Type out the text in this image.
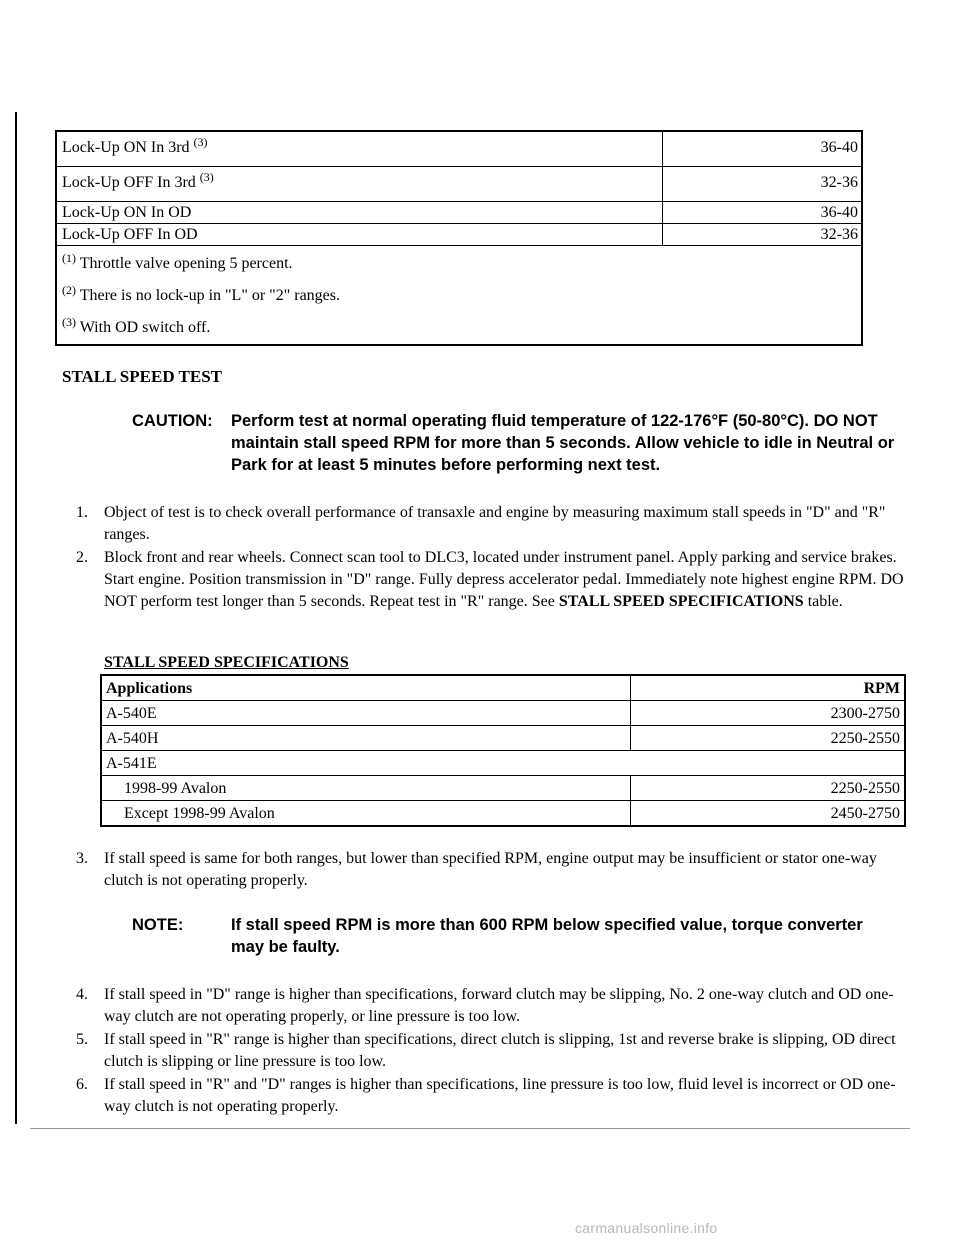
Lock-Up ON In 3rd $^{(3)}$	36-40
Lock-Up OFF In 3rd $^{(3)}$	32-36
Lock-Up ON In OD	36-40
Lock-Up OFF In OD	32-36

$^{(1)}$ Throttle valve opening 5 percent.
$^{(2)}$ There is no lock-up in "L" or "2" ranges.
$^{(3)}$ With OD switch off.	
STALL SPEED TEST
CAUTION: Perform test at normal operating fluid temperature of 122-176°F (50-80°C). DO NOT maintain stall speed RPM for more than 5 seconds. Allow vehicle to idle in Neutral or Park for at least 5 minutes before performing next test.
1. Object of test is to check overall performance of transaxle and engine by measuring maximum stall speeds in "D" and "R" ranges.
2. Block front and rear wheels. Connect scan tool to DLC3, located under instrument panel. Apply parking and service brakes. Start engine. Position transmission in "D" range. Fully depress accelerator pedal. Immediately note highest engine RPM. DO NOT perform test longer than 5 seconds. Repeat test in "R" range. See STALL SPEED SPECIFICATIONS table.
STALL SPEED SPECIFICATIONS
Applications	RPM
A-540E	2300-2750
A-540H	2250-2550
A-541E	
1998-99 Avalon	2250-2550
Except 1998-99 Avalon	2450-2750
3. If stall speed is same for both ranges, but lower than specified RPM, engine output may be insufficient or stator one-way clutch is not operating properly.
NOTE:	If stall speed RPM is more than 600 RPM below specified value, torque converter may be faulty.
4. If stall speed in "D" range is higher than specifications, forward clutch may be slipping, No. 2 one-way clutch and OD one-way clutch are not operating properly, or line pressure is too low.
5. If stall speed in "R" range is higher than specifications, direct clutch is slipping, 1st and reverse brake is slipping, OD direct clutch is slipping or line pressure is too low.
6. If stall speed in "R" and "D" ranges is higher than specifications, line pressure is too low, fluid level is incorrect or OD one-way clutch is not operating properly.
carmanualsonline.info
